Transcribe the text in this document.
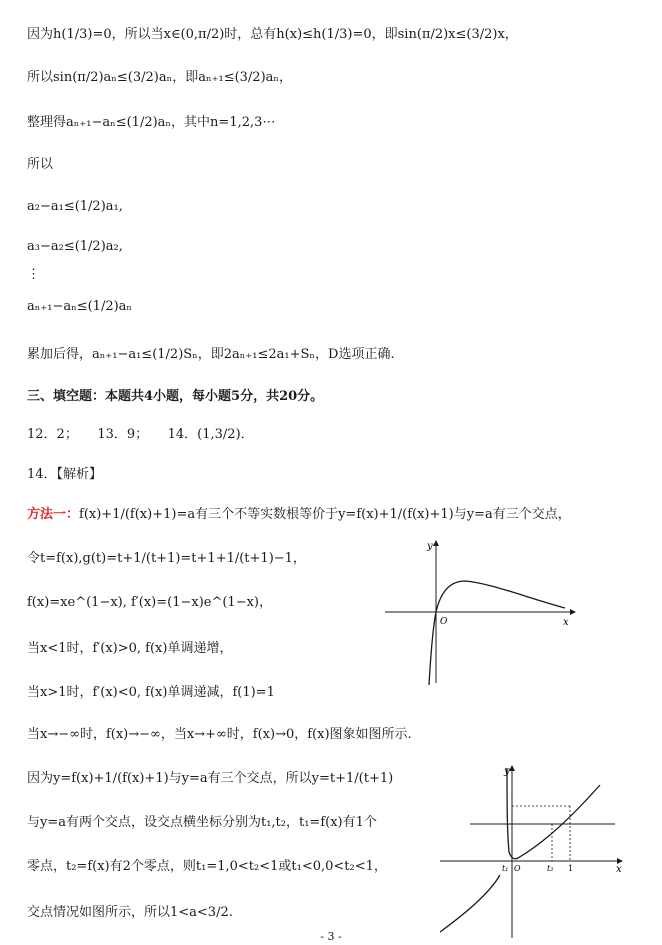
因为h(1/3)=0，所以当x∈(0,π/2)时，总有h(x)≤h(1/3)=0，即sin(π/2)x≤(3/2)x，
所以sin(π/2)aₙ≤(3/2)aₙ，即aₙ₊₁≤(3/2)aₙ，
整理得aₙ₊₁−aₙ≤(1/2)aₙ，其中n=1,2,3⋯
所以
a₂−a₁≤(1/2)a₁,
a₃−a₂≤(1/2)a₂,
⋮
aₙ₊₁−aₙ≤(1/2)aₙ
累加后得，aₙ₊₁−a₁≤(1/2)Sₙ，即2aₙ₊₁≤2a₁+Sₙ，D选项正确.
三、填空题：本题共4小题，每小题5分，共20分。
12．2；　　13．9；　　14．(1,3/2)．
14．【解析】
方法一：f(x)+1/(f(x)+1)=a有三个不等实数根等价于y=f(x)+1/(f(x)+1)与y=a有三个交点，
令t=f(x),g(t)=t+1/(t+1)=t+1+1/(t+1)−1，
f(x)=xe^(1−x), f′(x)=(1−x)e^(1−x)，
当x<1时，f′(x)>0, f(x)单调递增，
当x>1时，f′(x)<0, f(x)单调递减，f(1)=1
当x→−∞时，f(x)→−∞，当x→+∞时，f(x)→0，f(x)图象如图所示.
因为y=f(x)+1/(f(x)+1)与y=a有三个交点，所以y=t+1/(t+1)
与y=a有两个交点，设交点横坐标分别为t₁,t₂，t₁=f(x)有1个
零点，t₂=f(x)有2个零点，则t₁=1,0<t₂<1或t₁<0,0<t₂<1，
交点情况如图所示，所以1<a<3/2.
y
x
O
y
x
O
t₁	t₂ 1
- 3 -
